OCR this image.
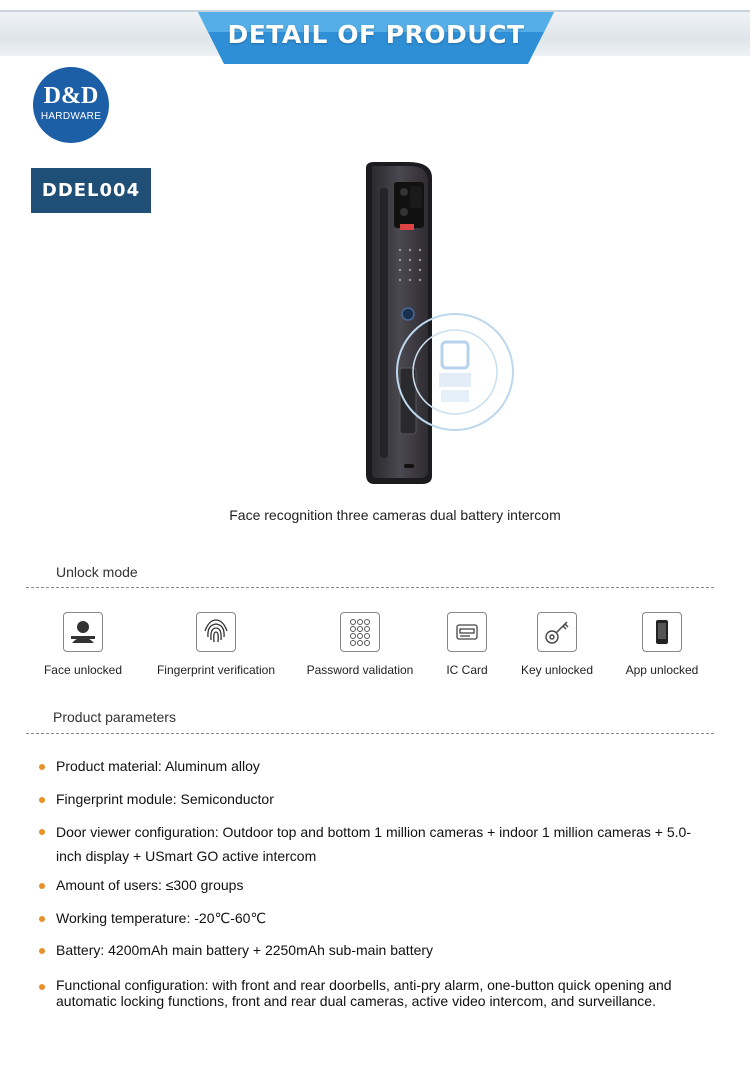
DETAIL OF PRODUCT
D&D
HARDWARE
DDEL004
Face recognition three cameras dual battery intercom
Unlock mode
Face unlocked	Fingerprint verification	Password validation	IC Card	Key unlocked	App unlocked
Product parameters
Product material: Aluminum alloy
Fingerprint module: Semiconductor
Door viewer configuration: Outdoor top and bottom 1 million cameras + indoor 1 million cameras + 5.0-inch display + USmart GO active intercom
Amount of users: ≤300 groups
Working temperature: -20℃-60℃
Battery: 4200mAh main battery + 2250mAh sub-main battery
Functional configuration: with front and rear doorbells, anti-pry alarm, one-button quick opening and automatic locking functions, front and rear dual cameras, active video intercom, and surveillance.
